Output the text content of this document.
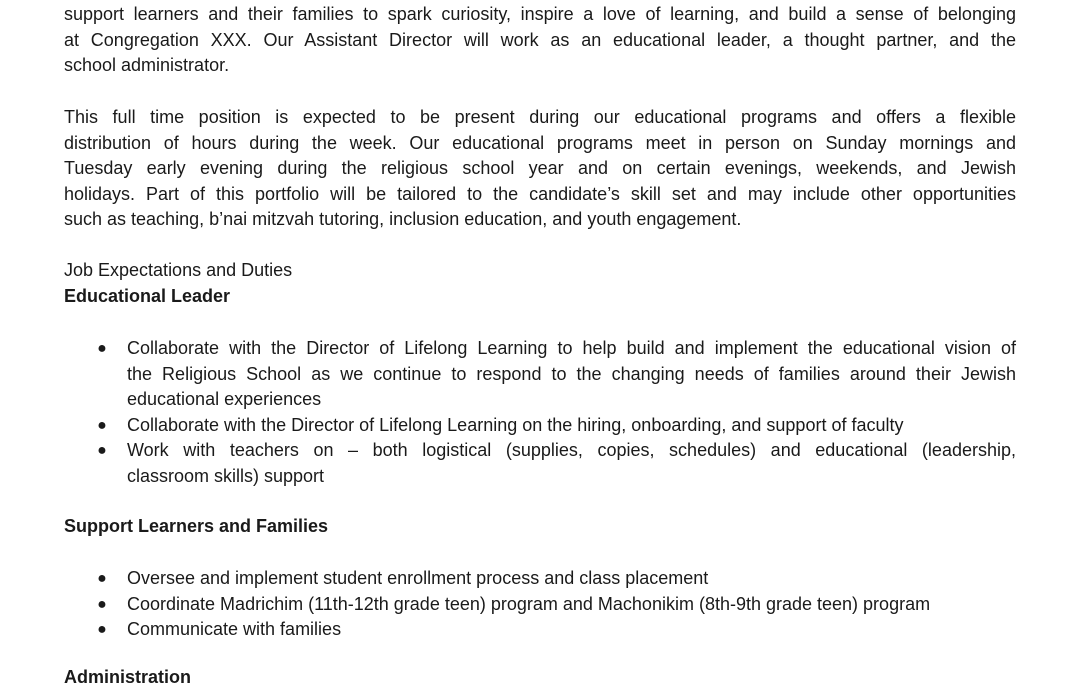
support learners and their families to spark curiosity, inspire a love of learning, and build a sense of belonging
at Congregation XXX. Our Assistant Director will work as an educational leader, a thought partner, and the
school administrator.
This full time position is expected to be present during our educational programs and offers a flexible
distribution of hours during the week. Our educational programs meet in person on Sunday mornings and
Tuesday early evening during the religious school year and on certain evenings, weekends, and Jewish
holidays. Part of this portfolio will be tailored to the candidate’s skill set and may include other opportunities
such as teaching, b’nai mitzvah tutoring, inclusion education, and youth engagement.

Job Expectations and Duties

Educational Leader

● Collaborate with the Director of Lifelong Learning to help build and implement the educational vision of
the Religious School as we continue to respond to the changing needs of families around their Jewish
educational experiences
● Collaborate with the Director of Lifelong Learning on the hiring, onboarding, and support of faculty
● Work with teachers on – both logistical (supplies, copies, schedules) and educational (leadership,
classroom skills) support

Support Learners and Families

● Oversee and implement student enrollment process and class placement
● Coordinate Madrichim (11th-12th grade teen) program and Machonikim (8th-9th grade teen) program
● Communicate with families

Administration
